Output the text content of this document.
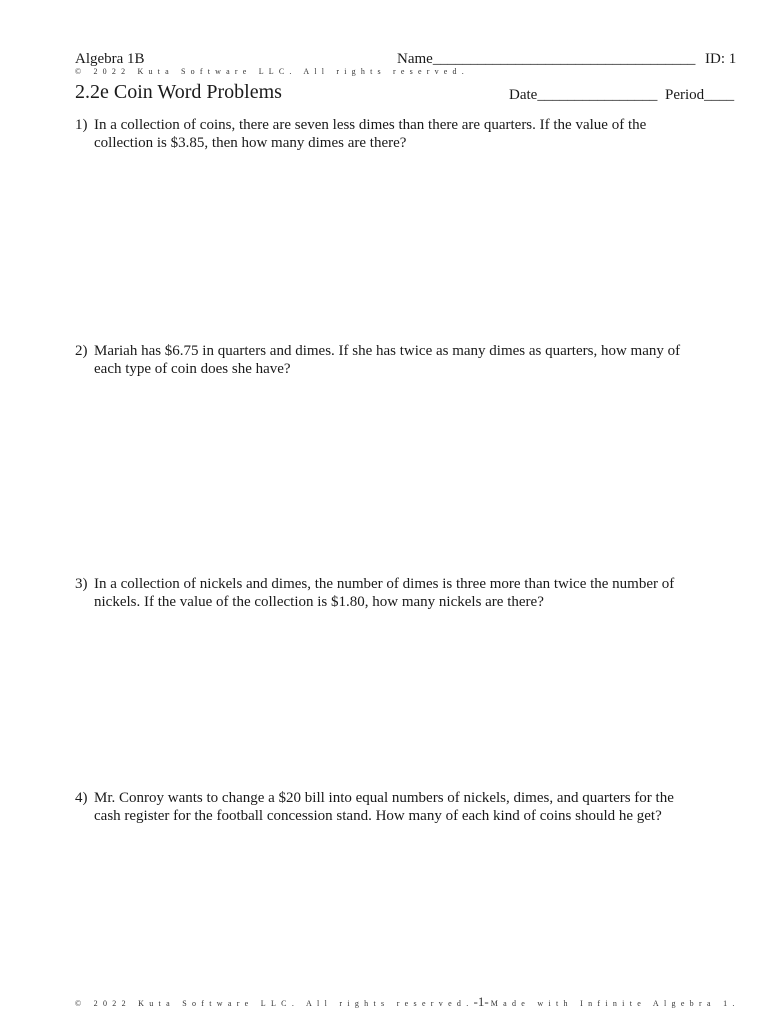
Algebra 1B	Name___________________________________ ID: 1
© 2022 Kuta Software LLC. All rights reserved.
2.2e Coin Word Problems	Date________________ Period____
1) In a collection of coins, there are seven less dimes than there are quarters. If the value of the collection is $3.85, then how many dimes are there?
2) Mariah has $6.75 in quarters and dimes. If she has twice as many dimes as quarters, how many of each type of coin does she have?
3) In a collection of nickels and dimes, the number of dimes is three more than twice the number of nickels. If the value of the collection is $1.80, how many nickels are there?
4) Mr. Conroy wants to change a $20 bill into equal numbers of nickels, dimes, and quarters for the cash register for the football concession stand. How many of each kind of coins should he get?
© 2022 Kuta Software LLC. All rights reserved.-1- Made with Infinite Algebra 1.
